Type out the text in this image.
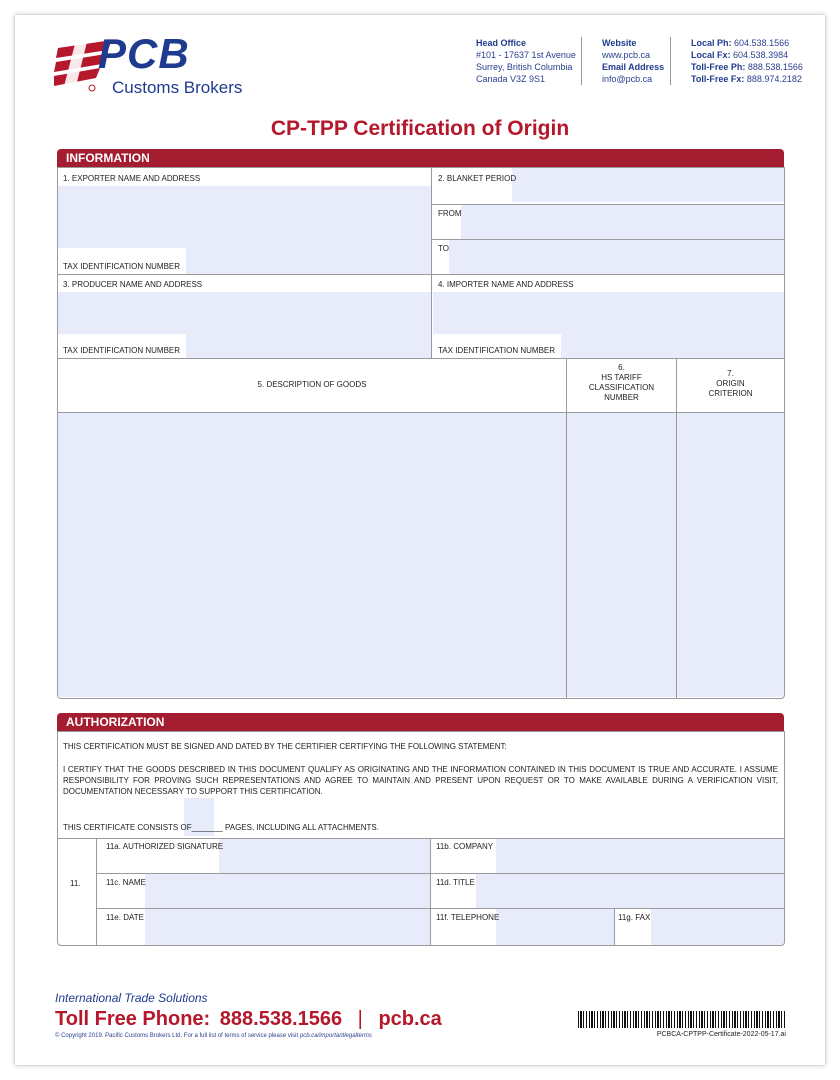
PCB
Customs Brokers
Head Office
#101 - 17637 1st Avenue
Surrey, British Columbia
Canada V3Z 9S1
Website
www.pcb.ca
Email Address
info@pcb.ca
Local Ph: 604.538.1566
Local Fx: 604.538.3984
Toll-Free Ph: 888.538.1566
Toll-Free Fx: 888.974.2182
CP-TPP Certification of Origin
INFORMATION
1. EXPORTER NAME AND ADDRESS
TAX IDENTIFICATION NUMBER
2. BLANKET PERIOD
FROM
TO
3. PRODUCER NAME AND ADDRESS
TAX IDENTIFICATION NUMBER
4. IMPORTER NAME AND ADDRESS
TAX IDENTIFICATION NUMBER
5. DESCRIPTION OF GOODS
6.
HS TARIFF
CLASSIFICATION
NUMBER
7.
ORIGIN
CRITERION
AUTHORIZATION
THIS CERTIFICATION MUST BE SIGNED AND DATED BY THE CERTIFIER CERTIFYING THE FOLLOWING STATEMENT:
I CERTIFY THAT THE GOODS DESCRIBED IN THIS DOCUMENT QUALIFY AS ORIGINATING AND THE INFORMATION CONTAINED IN THIS DOCUMENT IS TRUE AND ACCURATE. I ASSUME RESPONSIBILITY FOR PROVING SUCH REPRESENTATIONS AND AGREE TO MAINTAIN AND PRESENT UPON REQUEST OR TO MAKE AVAILABLE DURING A VERIFICATION VISIT, DOCUMENTATION NECESSARY TO SUPPORT THIS CERTIFICATION.
THIS CERTIFICATE CONSISTS OF_______ PAGES, INCLUDING ALL ATTACHMENTS.
11.
11a. AUTHORIZED SIGNATURE	11b. COMPANY
11c. NAME	11d. TITLE
11e. DATE	11f. TELEPHONE	11g. FAX
International Trade Solutions
Toll Free Phone: 888.538.1566 | pcb.ca
© Copyright 2019. Pacific Customs Brokers Ltd. For a full list of terms of service please visit pcb.ca/importantlegalterms	PCBCA-CPTPP-Certificate-2022-05-17.ai
